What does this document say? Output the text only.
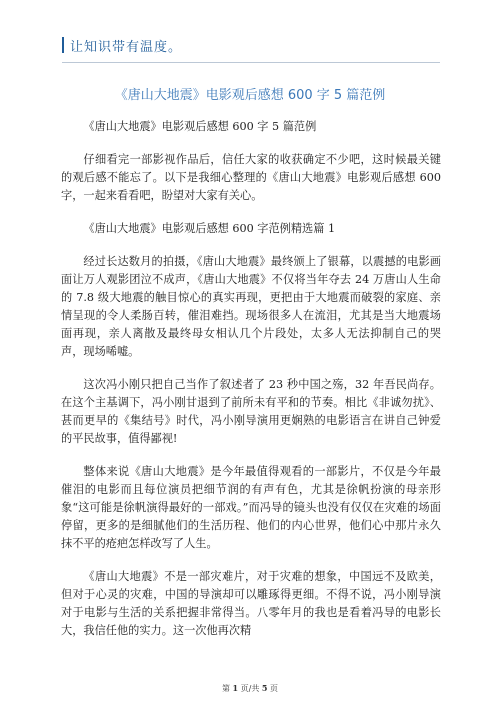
让知识带有温度。
《唐山大地震》电影观后感想 600 字 5 篇范例

《唐山大地震》电影观后感想 600 字 5 篇范例

仔细看完一部影视作品后，信任大家的收获确定不少吧，这时候最关键的观后感不能忘了。以下是我细心整理的《唐山大地震》电影观后感想 600 字，一起来看看吧，盼望对大家有关心。

《唐山大地震》电影观后感想 600 字范例精选篇 1

经过长达数月的拍摄，《唐山大地震》最终颁上了银幕，以震撼的电影画面让万人观影团泣不成声，《唐山大地震》不仅将当年夺去 24 万唐山人生命的 7.8 级大地震的触目惊心的真实再现，更把由于大地震而破裂的家庭、亲情呈现的令人柔肠百转，催泪难挡。现场很多人在流泪，尤其是当大地震场面再现，亲人离散及最终母女相认几个片段处，太多人无法抑制自己的哭声，现场唏嘘。

这次冯小刚只把自己当作了叙述者了 23 秒中国之殇，32 年吾民尚存。在这个主基调下，冯小刚甘退到了前所未有平和的节奏。相比《非诚勿扰》、甚而更早的《集结号》时代，冯小刚导演用更娴熟的电影语言在讲自己钟爱的平民故事，值得鄙视!

整体来说《唐山大地震》是今年最值得观看的一部影片，不仅是今年最催泪的电影而且每位演员把细节润的有声有色，尤其是徐帆扮演的母亲形象“这可能是徐帆演得最好的一部戏。”而冯导的镜头也没有仅仅在灾难的场面停留，更多的是细腻他们的生活历程、他们的内心世界，他们心中那片永久抹不平的疮疤怎样改写了人生。

《唐山大地震》不是一部灾难片，对于灾难的想象，中国远不及欧美，但对于心灵的灾难，中国的导演却可以雕琢得更细。不得不说，冯小刚导演对于电影与生活的关系把握非常得当。八零年月的我也是看着冯导的电影长大，我信任他的实力。这一次他再次精

第 1 页/共 5 页
